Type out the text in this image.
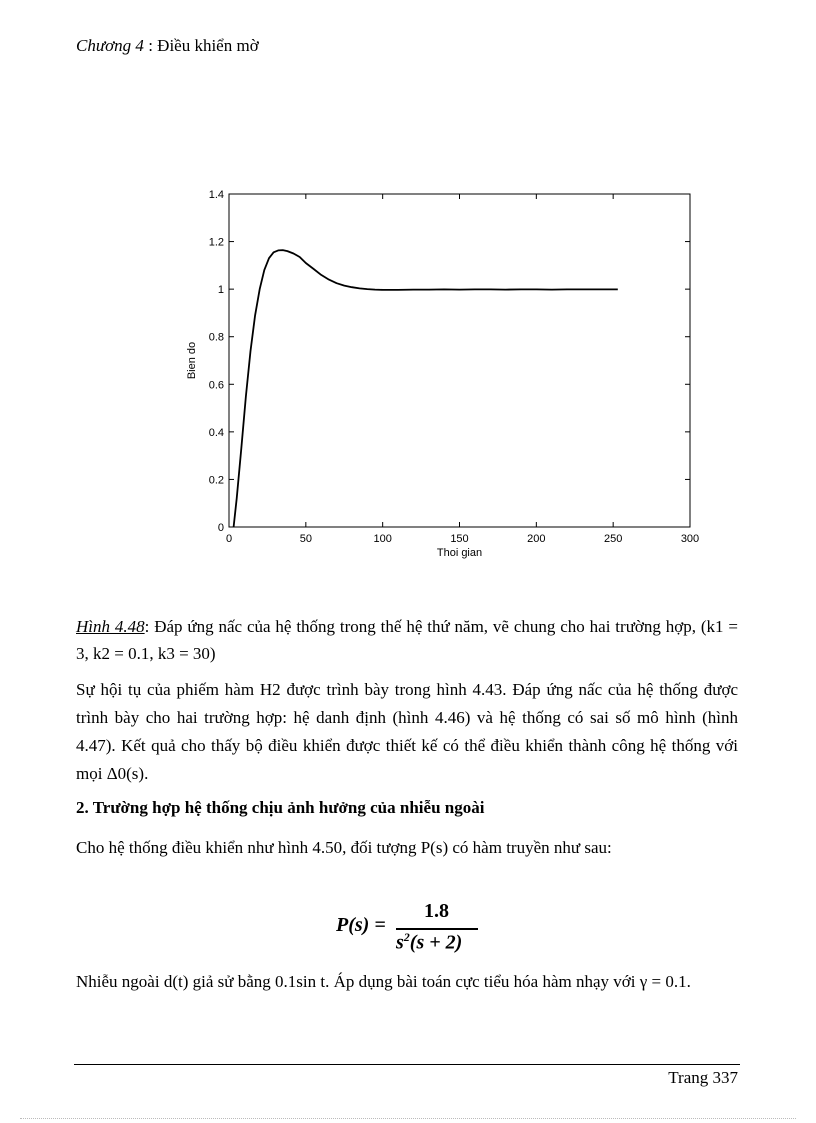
Chương 4 : Điều khiển mờ
0	50	100	150	200	250	300
0
0.2
0.4
0.6
0.8
1
1.2
1.4
Thoi gian
Bien do
Hình 4.48: Đáp ứng nấc của hệ thống trong thế hệ thứ năm, vẽ chung cho hai trường hợp, (k1 = 3, k2 = 0.1, k3 = 30)
Sự hội tụ của phiếm hàm H2 được trình bày trong hình 4.43. Đáp ứng nấc của hệ thống được trình bày cho hai trường hợp: hệ danh định (hình 4.46) và hệ thống có sai số mô hình (hình 4.47). Kết quả cho thấy bộ điều khiển được thiết kế có thể điều khiển thành công hệ thống với mọi Δ0(s).
2. Trường hợp hệ thống chịu ảnh hưởng của nhiễu ngoài
Cho hệ thống điều khiển như hình 4.50, đối tượng P(s) có hàm truyền như sau:
P(s) =
1.8
$s^2(s + 2)$
Nhiễu ngoài d(t) giả sử bằng 0.1sin t. Áp dụng bài toán cực tiểu hóa hàm nhạy với γ = 0.1.
Trang 337
